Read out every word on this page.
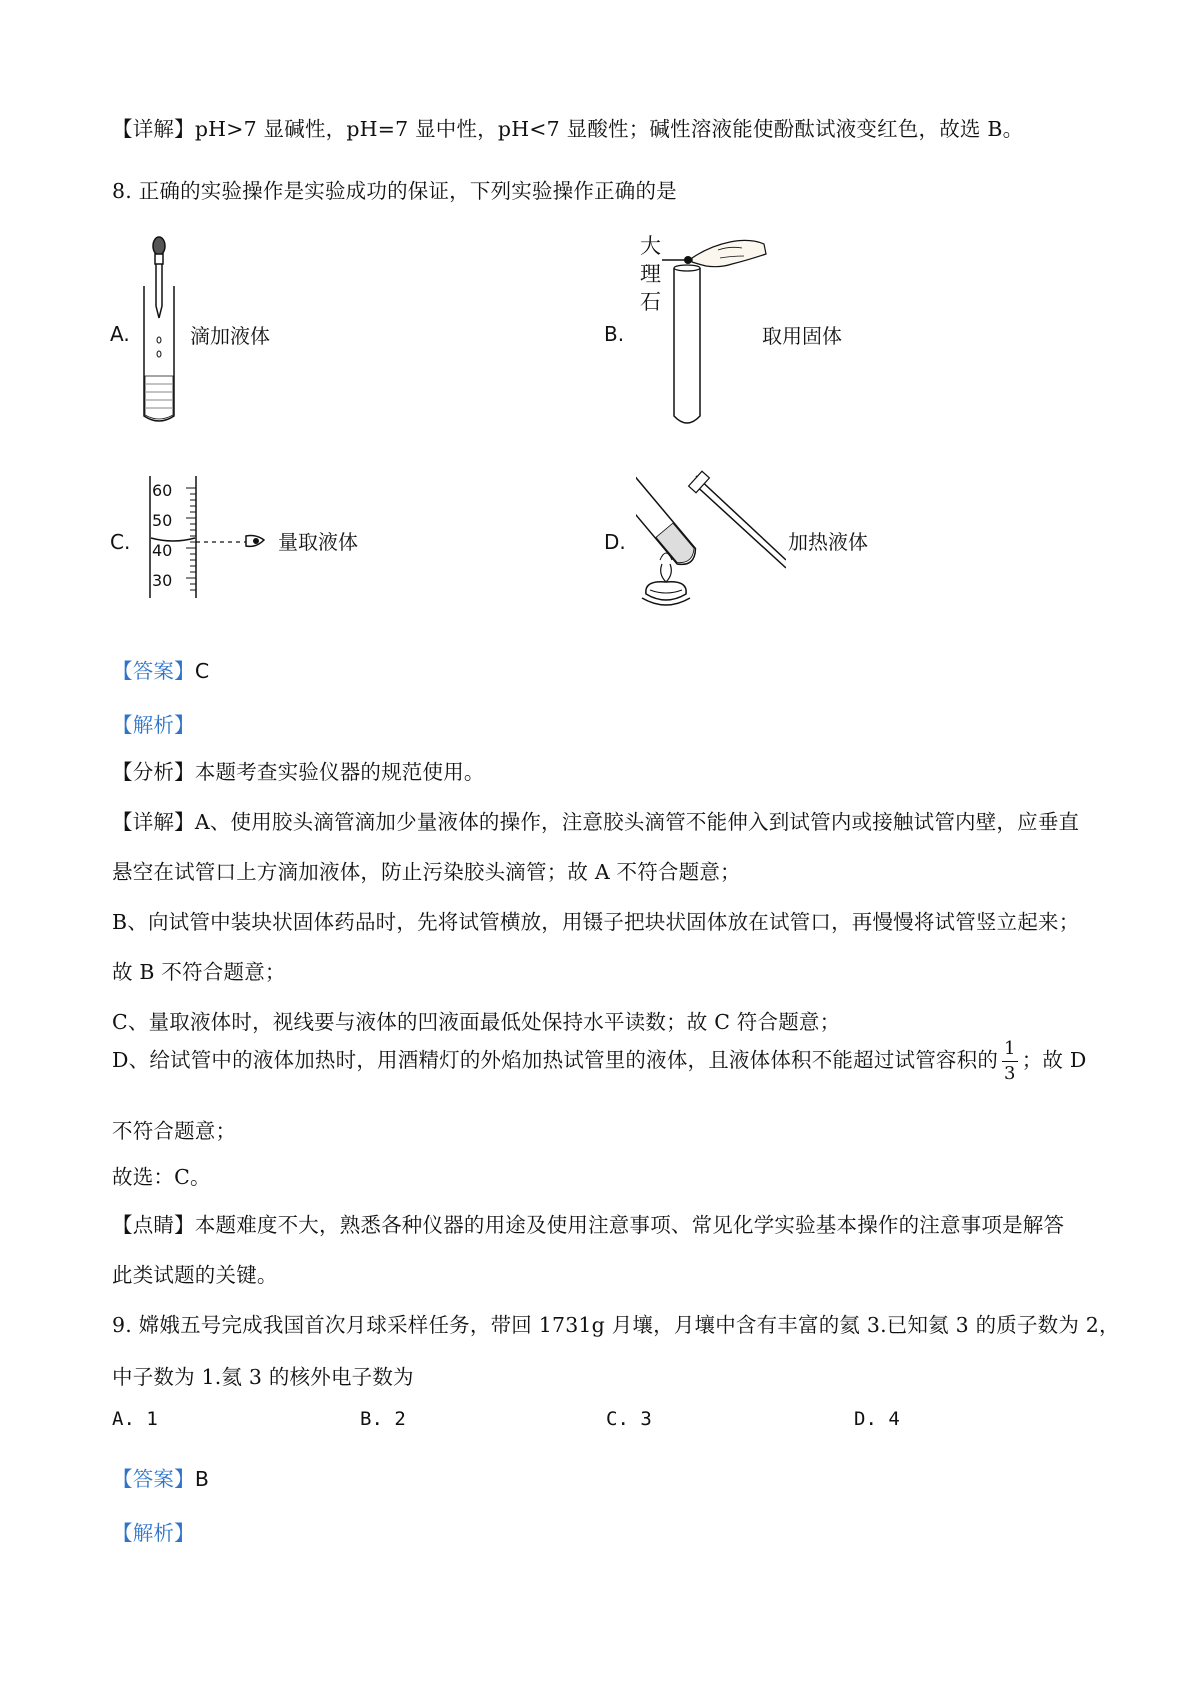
【详解】pH>7 显碱性，pH=7 显中性，pH<7 显酸性；碱性溶液能使酚酞试液变红色，故选 B。
8. 正确的实验操作是实验成功的保证，下列实验操作正确的是
A.	滴加液体	B.
大
理
石
取用固体
C.
60
50
40
30
量取液体	D.	加热液体
【答案】C
【解析】
【分析】本题考查实验仪器的规范使用。
【详解】A、使用胶头滴管滴加少量液体的操作，注意胶头滴管不能伸入到试管内或接触试管内壁，应垂直
悬空在试管口上方滴加液体，防止污染胶头滴管；故 A 不符合题意；
B、向试管中装块状固体药品时，先将试管横放，用镊子把块状固体放在试管口，再慢慢将试管竖立起来；
故 B 不符合题意；
C、量取液体时，视线要与液体的凹液面最低处保持水平读数；故 C 符合题意；
D、给试管中的液体加热时，用酒精灯的外焰加热试管里的液体，且液体体积不能超过试管容积的 $\frac{1}{3}$ ；故 D
不符合题意；
故选：C。
【点睛】本题难度不大，熟悉各种仪器的用途及使用注意事项、常见化学实验基本操作的注意事项是解答
此类试题的关键。
9. 嫦娥五号完成我国首次月球采样任务，带回 1731g 月壤，月壤中含有丰富的氦 3.已知氦 3 的质子数为 2，
中子数为 1.氦 3 的核外电子数为
A. 1	B. 2	C. 3	D. 4
【答案】B
【解析】
